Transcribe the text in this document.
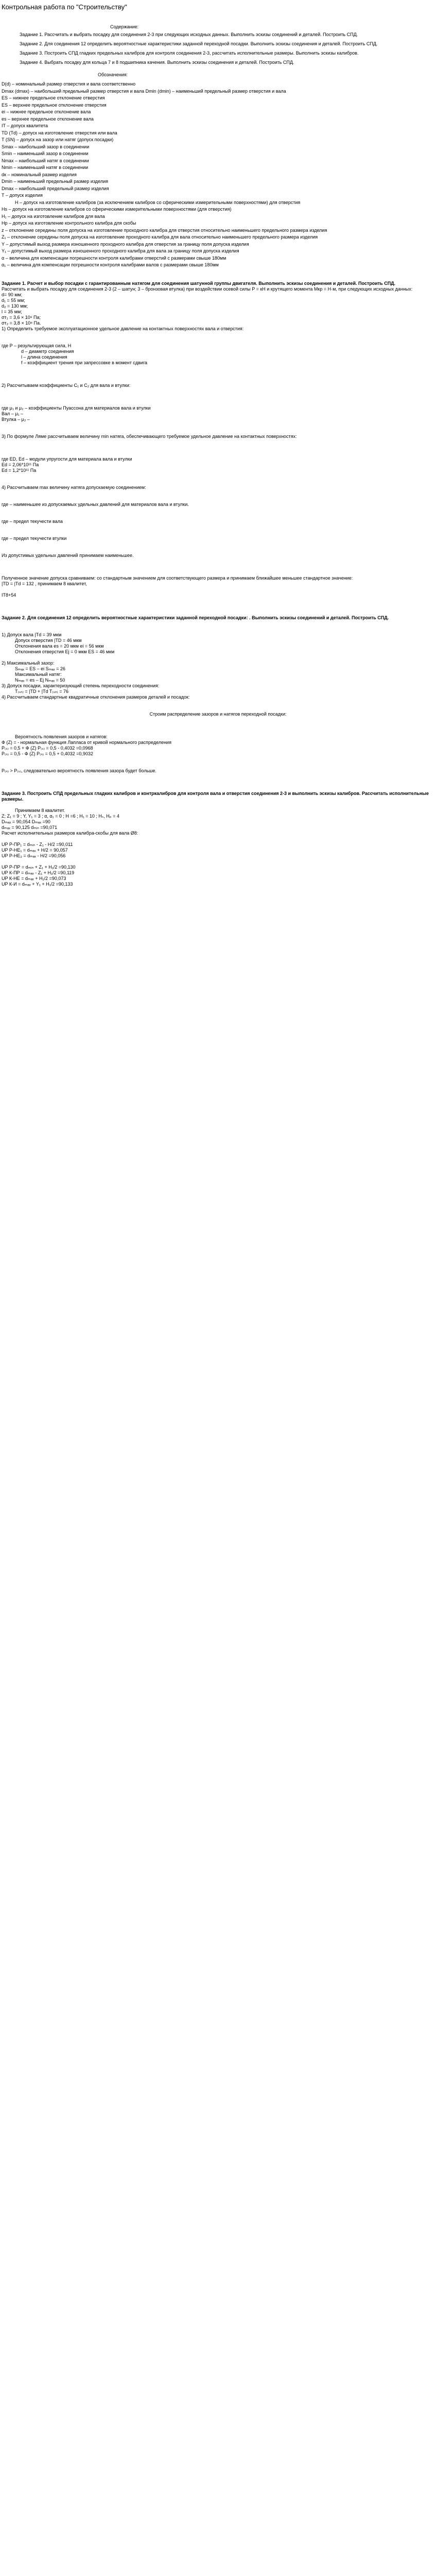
Контрольная работа по "Строительству"
Содержание:
Задание 1. Рассчитать и выбрать посадку для соединения 2-3 при следующих исходных данных. Выполнить эскизы соединений и деталей. Построить СПД.
Задание 2. Для соединения 12 определить вероятностные характеристики заданной переходной посадки. Выполнить эскизы соединения и деталей. Построить СПД.
Задание 3. Построить СПД гладких предельных калибров для контроля соединения 2-3, рассчитать исполнительные размеры. Выполнить эскизы калибров.
Задание 4. Выбрать посадку для кольца 7 и 8 подшипника качения. Выполнить эскизы соединения и деталей. Построить СПД.
Обозначения:

D(d) – номинальный размер отверстия и вала соответственно

Dmax (dmax) – наибольший предельный размер отверстия и вала Dmin (dmin) – наименьший предельный размер отверстия и вала

ES – нижнее предельное отклонение отверстия

ES – верхнее предельное отклонение отверстия

ei – нижнее предельное отклонение вала

es – верхнее предельное отклонение вала

IT – допуск квалитета

TD (Td) – допуск на изготовление отверстия или вала

T (SN) – допуск на зазор или натяг (допуск посадки)

Smax – наибольший зазор в соединении

Smin – наименьший зазор в соединении

Nmax – наибольший натяг в соединении

Nmin – наименьший натяг в соединении

dк – номинальный размер изделия

Dmin – наименьший предельный размер изделия

Dmax – наибольший предельный размер изделия

T – допуск изделия

H – допуск на изготовление калибров (за исключением калибров со сферическими измерительными поверхностями) для отверстия

Hs – допуск на изготовление калибров со сферическими измерительными поверхностями (для отверстия)

H₁ – допуск на изготовление калибров для вала

Hp – допуск на изготовление контрольного калибра для скобы

z – отклонение середины поля допуска на изготовление проходного калибра для отверстия относительно наименьшего предельного размера изделия

Z₁ – отклонение середины поля допуска на изготовление проходного калибра для вала относительно наименьшего предельного размера изделия

Y – допустимый выход размера изношенного проходного калибра для отверстия за границу поля допуска изделия

Y₁ – допустимый выход размера изношенного проходного калибра для вала за границу поля допуска изделия

α – величина для компенсации погрешности контроля калибрами отверстий с размерами свыше 180мм

α₁ – величина для компенсации погрешности контроля калибрами валов с размерами свыше 180мм

Задание 1. Расчет и выбор посадки с гарантированным натягом для соединения шатунной группы двигателя. Выполнить эскизы соединения и деталей. Построить СПД.

Рассчитать и выбрать посадку для соединения 2-3 (2 – шатун; 3 – бронзовая втулка) при воздействии осевой силы P = кН и крутящего момента Mкр = Н·м, при следующих исходных данных:

d= 90 мм;

d₁ = 55 мм;

d₂ = 130 мм;

l = 35 мм;

σт₁ = 3,6 × 10⁸ Па;

σт₂ = 3,8 × 10⁸ Па.

1) Определить требуемое эксплуатационное удельное давление на контактных поверхностях вала и отверстия:

где P – результирующая сила, Н

d – диаметр соединения

l – длина соединения

f – коэффициент трения при запрессовке в момент сдвига

2) Рассчитываем коэффициенты C₁ и C₂ для вала и втулки:

где μ₁ и μ₂ – коэффициенты Пуассона для материалов вала и втулки

Вал – μ₁ –

Втулка – μ₂ –

3) По формуле Ляме рассчитываем величину min натяга, обеспечивающего требуемое удельное давление на контактных поверхностях:

где ED, Ed – модули упругости для материала вала и втулки

Ed = 2,06*10¹¹ Па

Ed = 1,2*10¹¹ Па

4) Рассчитываем max величину натяга допускаемую соединением:

где – наименьшее из допускаемых удельных давлений для материалов вала и втулки.

где – предел текучести вала

где – предел текучести втулки

Из допустимых удельных давлений принимаем наименьшее.

Полученное значение допуска сравниваем: со стандартным значением для соответствующего размера и принимаем ближайшее меньшее стандартное значение:

|TD = |Td = 132 , принимаем 8 квалитет,

IT8+54

Задание 2. Для соединения 12 определить вероятностные характеристики заданной переходной посадки: . Выполнить эскизы соединений и деталей. Построить СПД.

1) Допуск вала |Td = 39 мкм

Допуск отверстия |TD = 46 мкм

Отклонения вала es = 20 мкм ei = 56 мкм

Отклонения отверстия Ej = 0 мкм ES = 46 мкм

2) Максимальный зазор:

Sₘₐₓ = ES – ei Sₘₐₓ = 26

Максимальный натяг:

Nₘₐₓ = es – Ej Nₘₐₓ = 50

3) Допуск посадки, характеризующий степень переходности соединения:

T₍ₛₙ₎ = |TD + |Td T₍ₛₙ₎ = 76

4) Рассчитываем стандартные квадратичные отклонения размеров деталей и посадок:

Строим распределение зазоров и натягов переходной посадки:

Вероятность появления зазоров и натягов:

Ф (Z) = - нормальная функция Лапласа от кривой нормального распределения

P₍ₛ₎ = 0,5 + Ф (Z) P₍ₛ₎ = 0,5 - 0,4032 =0,0968

P₍ₙ₎ = 0,5 - Ф (Z) P₍ₙ₎ = 0,5 + 0,4032 =0,9032

P₍ₙ₎ > P₍ₛ₎, следовательно вероятность появления зазора будет больше.

Задание 3. Построить СПД предельных гладких калибров и контркалибров для контроля вала и отверстия соединения 2-3 и выполнить эскизы калибров. Рассчитать исполнительные размеры.

Принимаем 8 квалитет.

Z; Z₁ = 9 ; Y, Y₁ = 3 ; α, α₁ = 0 ; H =6 ; H₁ = 10 ; Hₛ, Hₚ = 4

Dₘₐₓ = 90,054 Dₘₐₓ =90

dₘₐₓ = 90,125 dₘᵢₙ =90,071

Расчет исполнительных размеров калибра-скобы для вала Ø8:

UP P-ПР₁ = dₘᵢₙ - Z₁ - H/2 =90,011

UP P-НЕ₁ = dₘₐₓ + H/2 = 90,057

UP P-НЕ₂ = dₘₐₓ - H/2 =90,056

UP P-ПР = dₘᵢₙ + Z₁ + H₁/2 =90,130

UP К-ПР = dₘₐₓ - Z₁ + H₁/2 =90,119

UP К-НЕ = dₘₐₓ + H₁/2 =90,073

UP К-И = dₘₐₓ + Y₁ + H₁/2 =90,133
